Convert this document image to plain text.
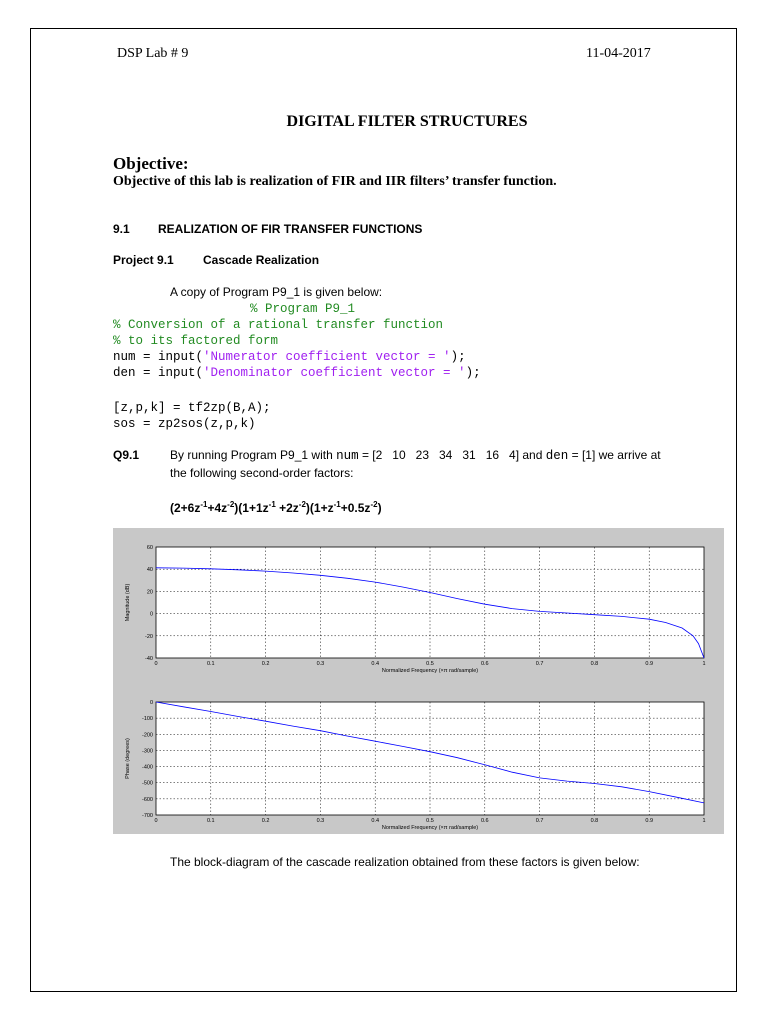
DSP Lab # 9	11-04-2017
DIGITAL FILTER STRUCTURES
Objective:
Objective of this lab is realization of FIR and IIR filters’ transfer function.
9.1 REALIZATION OF FIR TRANSFER FUNCTIONS
Project 9.1 Cascade Realization
A copy of Program P9_1 is given below:
% Program P9_1
% Conversion of a rational transfer function
% to its factored form
num = input('Numerator coefficient vector = ');
den = input('Denominator coefficient vector = ');
[z,p,k] = tf2zp(B,A);
sos = zp2sos(z,p,k)
Q9.1	By running Program P9_1 with num = [2   10   23   34   31   16   4] and den = [1] we arrive at
the following second-order factors:
$(2+6z^{-1}+4z^{-2})(1+1z^{-1} +2z^{-2})(1+z^{-1}+0.5z^{-2})$
0	0.1	0.2	0.3	0.4	0.5	0.6	0.7	0.8	0.9	1
-40
-20
0
20
40
60
Normalized Frequency (×π rad/sample)
Magnitude (dB)
0	0.1	0.2	0.3	0.4	0.5	0.6	0.7	0.8	0.9	1
0
-100
-200
-300
-400
-500
-600
-700
Normalized Frequency (×π rad/sample)
Phase (degrees)
The block-diagram of the cascade realization obtained from these factors is given below:
